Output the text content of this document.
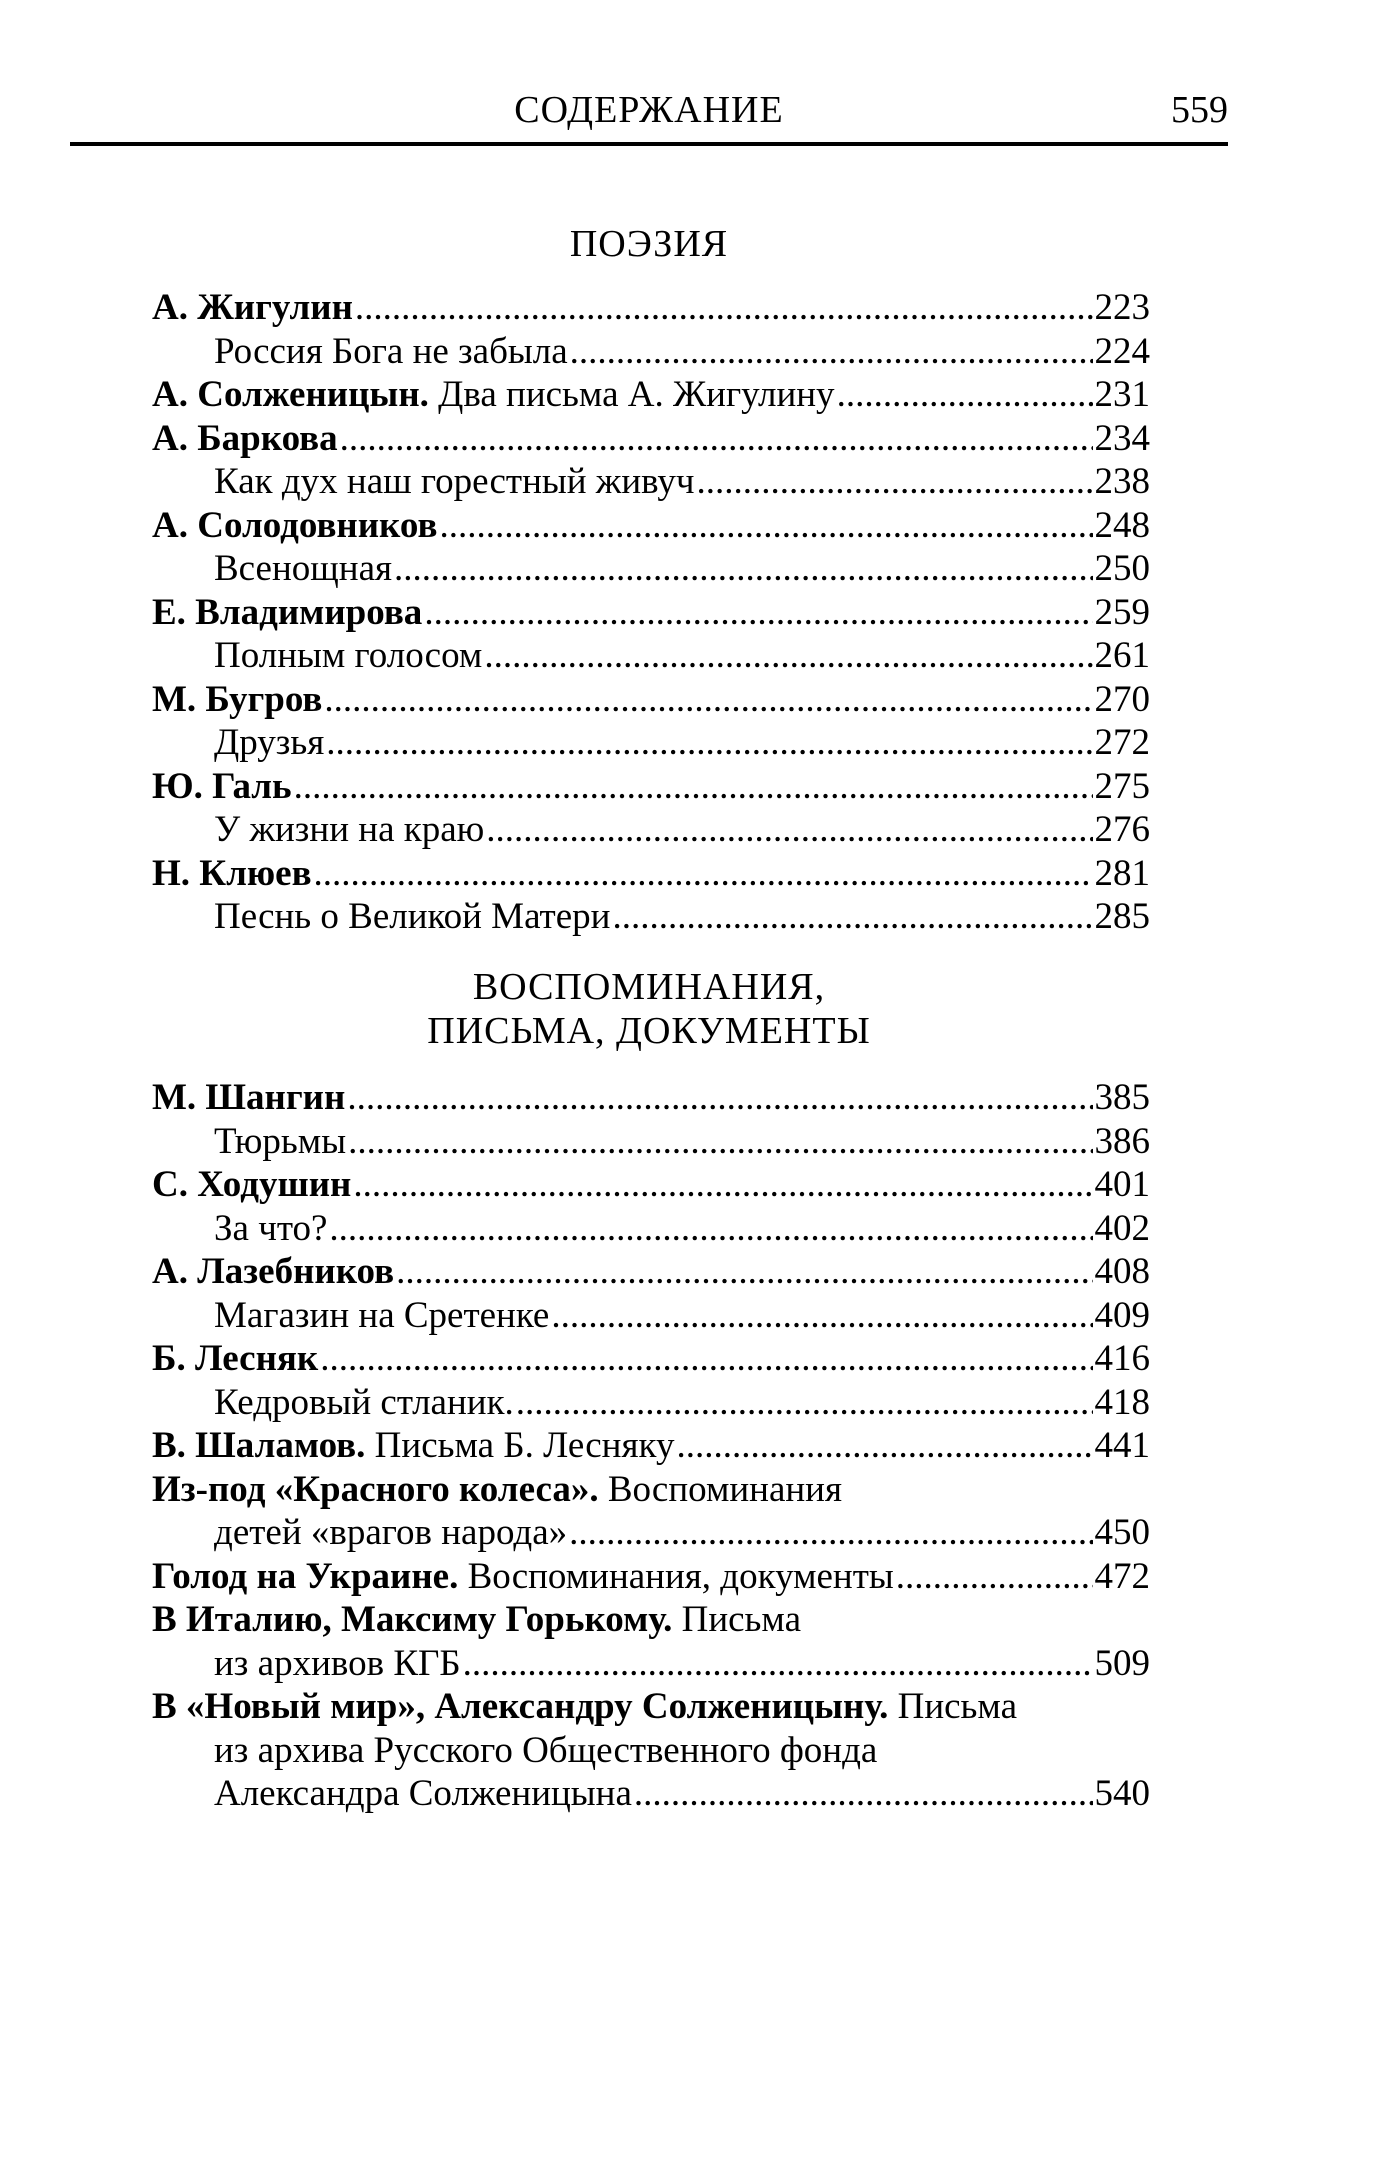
СОДЕРЖАНИЕ	559
ПОЭЗИЯ
А. Жигулин .....	223
Россия Бога не забыла .....	224
А. Солженицын. Два письма А. Жигулину .....	231
А. Баркова .....	234
Как дух наш горестный живуч .....	238
А. Солодовников .....	248
Всенощная .....	250
Е. Владимирова .....	259
Полным голосом .....	261
М. Бугров .....	270
Друзья .....	272
Ю. Галь .....	275
У жизни на краю .....	276
Н. Клюев .....	281
Песнь о Великой Матери .....	285
ВОСПОМИНАНИЯ,
ПИСЬМА, ДОКУМЕНТЫ
М. Шангин .....	385
Тюрьмы .....	386
С. Ходушин .....	401
За что? .....	402
А. Лазебников .....	408
Магазин на Сретенке .....	409
Б. Лесняк .....	416
Кедровый стланик. .....	418
В. Шаламов. Письма Б. Лесняку .....	441
Из-под «Красного колеса». Воспоминания
детей «врагов народа» .....	450
Голод на Украине. Воспоминания, документы .....	472
В Италию, Максиму Горькому. Письма
из архивов КГБ .....	509
В «Новый мир», Александру Солженицыну. Письма
из архива Русского Общественного фонда
Александра Солженицына .....	540
